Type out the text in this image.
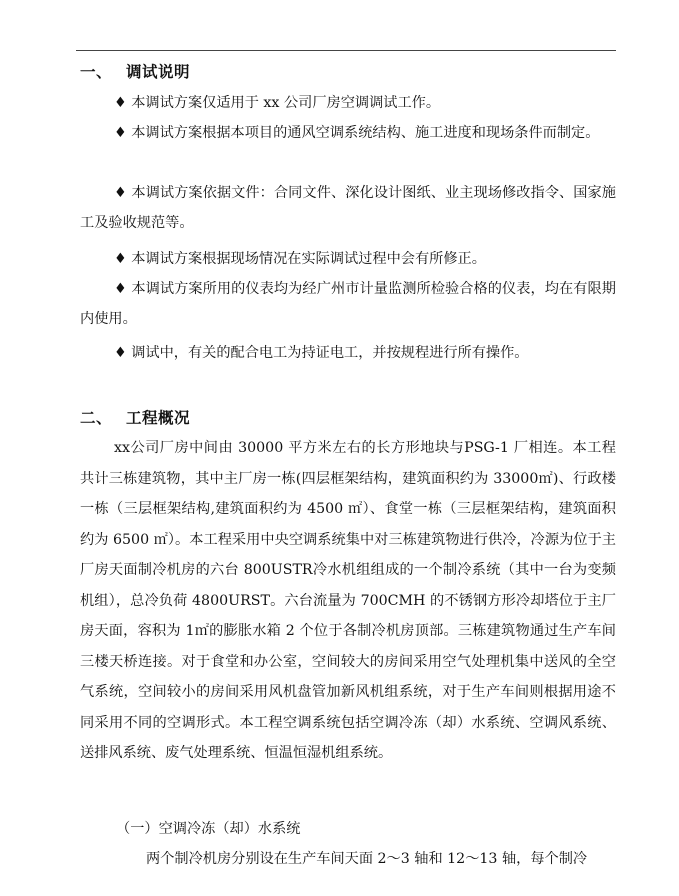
一、 调试说明
♦ 本调试方案仅适用于 xx 公司厂房空调调试工作。
♦ 本调试方案根据本项目的通风空调系统结构、施工进度和现场条件而制定。
♦ 本调试方案依据文件：合同文件、深化设计图纸、业主现场修改指令、国家施工及验收规范等。
♦ 本调试方案根据现场情况在实际调试过程中会有所修正。
♦ 本调试方案所用的仪表均为经广州市计量监测所检验合格的仪表，均在有限期内使用。
♦ 调试中，有关的配合电工为持证电工，并按规程进行所有操作。
二、 工程概况
xx公司厂房中间由 30000 平方米左右的长方形地块与PSG-1 厂相连。本工程共计三栋建筑物，其中主厂房一栋(四层框架结构，建筑面积约为 33000㎡)、行政楼一栋（三层框架结构,建筑面积约为 4500 ㎡）、食堂一栋（三层框架结构，建筑面积约为 6500 ㎡）。本工程采用中央空调系统集中对三栋建筑物进行供冷，冷源为位于主厂房天面制冷机房的六台 800USTR冷水机组组成的一个制冷系统（其中一台为变频机组），总冷负荷 4800URST。六台流量为 700CMH 的不锈钢方形冷却塔位于主厂房天面，容积为 1㎡的膨胀水箱 2 个位于各制冷机房顶部。三栋建筑物通过生产车间三楼天桥连接。对于食堂和办公室，空间较大的房间采用空气处理机集中送风的全空气系统，空间较小的房间采用风机盘管加新风机组系统，对于生产车间则根据用途不同采用不同的空调形式。本工程空调系统包括空调冷冻（却）水系统、空调风系统、送排风系统、废气处理系统、恒温恒湿机组系统。
（一）空调冷冻（却）水系统
两个制冷机房分别设在生产车间天面 2～3 轴和 12～13 轴，每个制冷
